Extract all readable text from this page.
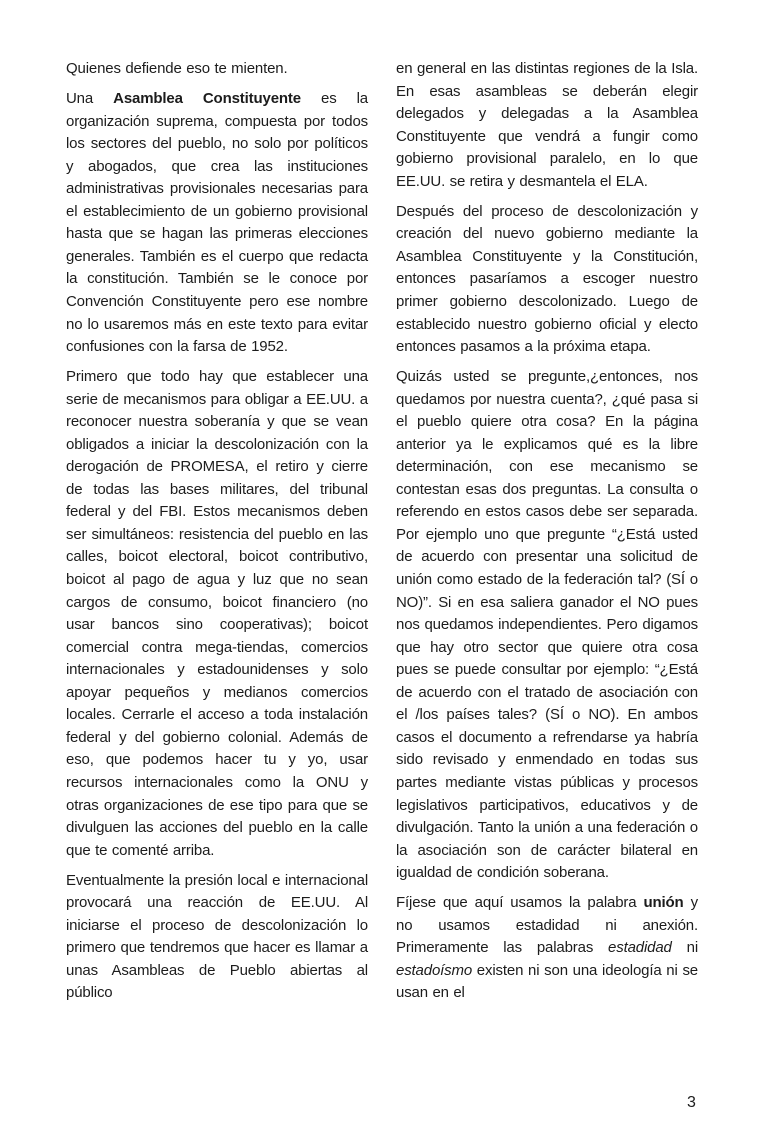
Quienes defiende eso te mienten.

Una Asamblea Constituyente es la organización suprema, compuesta por todos los sectores del pueblo, no solo por políticos y abogados, que crea las instituciones administrativas provisionales necesarias para el establecimiento de un gobierno provisional hasta que se hagan las primeras elecciones generales. También es el cuerpo que redacta la constitución. También se le conoce por Convención Constituyente pero ese nombre no lo usaremos más en este texto para evitar confusiones con la farsa de 1952.

Primero que todo hay que establecer una serie de mecanismos para obligar a EE.UU. a reconocer nuestra soberanía y que se vean obligados a iniciar la descolonización con la derogación de PROMESA, el retiro y cierre de todas las bases militares, del tribunal federal y del FBI. Estos mecanismos deben ser simultáneos: resistencia del pueblo en las calles, boicot electoral, boicot contributivo, boicot al pago de agua y luz que no sean cargos de consumo, boicot financiero (no usar bancos sino cooperativas); boicot comercial contra mega-tiendas, comercios internacionales y estadounidenses y solo apoyar pequeños y medianos comercios locales. Cerrarle el acceso a toda instalación federal y del gobierno colonial. Además de eso, que podemos hacer tu y yo, usar recursos internacionales como la ONU y otras organizaciones de ese tipo para que se divulguen las acciones del pueblo en la calle que te comenté arriba.

Eventualmente la presión local e internacional provocará una reacción de EE.UU. Al iniciarse el proceso de descolonización lo primero que tendremos que hacer es llamar a unas Asambleas de Pueblo abiertas al público

en general en las distintas regiones de la Isla. En esas asambleas se deberán elegir delegados y delegadas a la Asamblea Constituyente que vendrá a fungir como gobierno provisional paralelo, en lo que EE.UU. se retira y desmantela el ELA.

Después del proceso de descolonización y creación del nuevo gobierno mediante la Asamblea Constituyente y la Constitución, entonces pasaríamos a escoger nuestro primer gobierno descolonizado. Luego de establecido nuestro gobierno oficial y electo entonces pasamos a la próxima etapa.

Quizás usted se pregunte,¿entonces, nos quedamos por nuestra cuenta?, ¿qué pasa si el pueblo quiere otra cosa? En la página anterior ya le explicamos qué es la libre determinación, con ese mecanismo se contestan esas dos preguntas. La consulta o referendo en estos casos debe ser separada. Por ejemplo uno que pregunte “¿Está usted de acuerdo con presentar una solicitud de unión como estado de la federación tal? (SÍ o NO)”. Si en esa saliera ganador el NO pues nos quedamos independientes. Pero digamos que hay otro sector que quiere otra cosa pues se puede consultar por ejemplo: “¿Está de acuerdo con el tratado de asociación con el /los países tales? (SÍ o NO). En ambos casos el documento a refrendarse ya habría sido revisado y enmendado en todas sus partes mediante vistas públicas y procesos legislativos participativos, educativos y de divulgación. Tanto la unión a una federación o la asociación son de carácter bilateral en igualdad de condición soberana.

Fíjese que aquí usamos la palabra unión y no usamos estadidad ni anexión. Primeramente las palabras estadidad ni estadoísmo existen ni son una ideología ni se usan en el

3
